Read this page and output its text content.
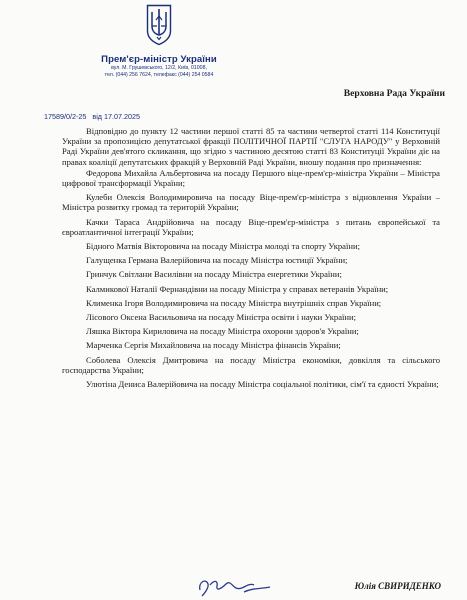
Прем'єр-міністр України
вул. М. Грушевського, 12/2, Київ, 01008,
тел. (044) 256 7624, телефакс (044) 254 0584
Верховна Рада України
17589/0/2-25 від 17.07.2025

Відповідно до пункту 12 частини першої статті 85 та частини четвертої статті 114 Конституції України за пропозицією депутатської фракції ПОЛІТИЧНОЇ ПАРТІЇ "СЛУГА НАРОДУ" у Верховній Раді України дев'ятого скликання, що згідно з частиною десятою статті 83 Конституції України діє на правах коаліції депутатських фракцій у Верховній Раді України, вношу подання про призначення:

Федорова Михайла Альбертовича на посаду Першого віце-прем'єр-міністра України – Міністра цифрової трансформації України;

Кулеби Олексія Володимировича на посаду Віце-прем'єр-міністра з відновлення України – Міністра розвитку громад та територій України;

Качки Тараса Андрійовича на посаду Віце-прем'єр-міністра з питань європейської та євроатлантичної інтеграції України;

Бідного Матвія Вікторовича на посаду Міністра молоді та спорту України;

Галущенка Германа Валерійовича на посаду Міністра юстиції України;

Гринчук Світлани Василівни на посаду Міністра енергетики України;

Калмикової Наталії Фернандівни на посаду Міністра у справах ветеранів України;

Клименка Ігоря Володимировича на посаду Міністра внутрішніх справ України;

Лісового Оксена Васильовича на посаду Міністра освіти і науки України;

Ляшка Віктора Кириловича на посаду Міністра охорони здоров'я України;

Марченка Сергія Михайловича на посаду Міністра фінансів України;

Соболева Олексія Дмитровича на посаду Міністра економіки, довкілля та сільського господарства України;

Улютіна Дениса Валерійовича на посаду Міністра соціальної політики, сім'ї та єдності України;

Юлія СВИРИДЕНКО
